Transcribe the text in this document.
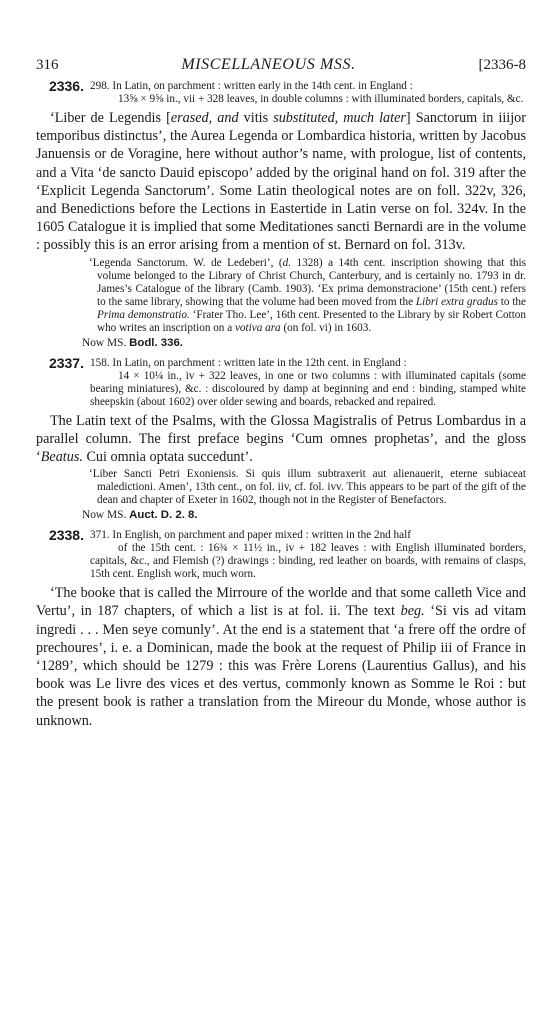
316	MISCELLANEOUS MSS.	[2336-8
2336. 298. In Latin, on parchment : written early in the 14th cent. in England :
13⅝ × 9⅝ in., vii + 328 leaves, in double columns : with illuminated borders, capitals, &c.

‘Liber de Legendis [erased, and vitis substituted, much later] Sanctorum in iiijor temporibus distinctus’, the Aurea Legenda or Lombardica historia, written by Jacobus Januensis or de Voragine, here without author’s name, with prologue, list of contents, and a Vita ‘de sancto Dauid episcopo’ added by the original hand on fol. 319 after the ‘Explicit Legenda Sanctorum’. Some Latin theological notes are on foll. 322v, 326, and Benedictions before the Lections in Eastertide in Latin verse on fol. 324v. In the 1605 Catalogue it is implied that some Meditationes sancti Bernardi are in the volume : possibly this is an error arising from a mention of st. Bernard on fol. 313v.

‘Legenda Sanctorum. W. de Ledeberi’, (d. 1328) a 14th cent. inscription showing that this volume belonged to the Library of Christ Church, Canterbury, and is certainly no. 1793 in dr. James’s Catalogue of the library (Camb. 1903). ‘Ex prima demonstracione’ (15th cent.) refers to the same library, showing that the volume had been moved from the Libri extra gradus to the Prima demonstratio. ‘Frater Tho. Lee’, 16th cent. Presented to the Library by sir Robert Cotton who writes an inscription on a votiva ara (on fol. vi) in 1603.
Now MS. Bodl. 336.
2337. 158. In Latin, on parchment : written late in the 12th cent. in England :
14 × 10¼ in., iv + 322 leaves, in one or two columns : with illuminated capitals (some bearing miniatures), &c. : discoloured by damp at beginning and end : binding, stamped white sheepskin (about 1602) over older sewing and boards, rebacked and repaired.

The Latin text of the Psalms, with the Glossa Magistralis of Petrus Lombardus in a parallel column. The first preface begins ‘Cum omnes prophetas’, and the gloss ‘Beatus. Cui omnia optata succedunt’.

‘Liber Sancti Petri Exoniensis. Si quis illum subtraxerit aut alienauerit, eterne subiaceat maledictioni. Amen’, 13th cent., on fol. iiv, cf. fol. ivv. This appears to be part of the gift of the dean and chapter of Exeter in 1602, though not in the Register of Benefactors.
Now MS. Auct. D. 2. 8.
2338. 371. In English, on parchment and paper mixed : written in the 2nd half
of the 15th cent. : 16¾ × 11½ in., iv + 182 leaves : with English illuminated borders, capitals, &c., and Flemish (?) drawings : binding, red leather on boards, with remains of clasps, 15th cent. English work, much worn.

‘The booke that is called the Mirroure of the worlde and that some calleth Vice and Vertu’, in 187 chapters, of which a list is at fol. ii. The text beg. ‘Si vis ad vitam ingredi . . . Men seye comunly’. At the end is a statement that ‘a frere off the ordre of prechoures’, i. e. a Dominican, made the book at the request of Philip iii of France in ‘1289’, which should be 1279 : this was Frère Lorens (Laurentius Gallus), and his book was Le livre des vices et des vertus, commonly known as Somme le Roi : but the present book is rather a translation from the Mireour du Monde, whose author is unknown.
